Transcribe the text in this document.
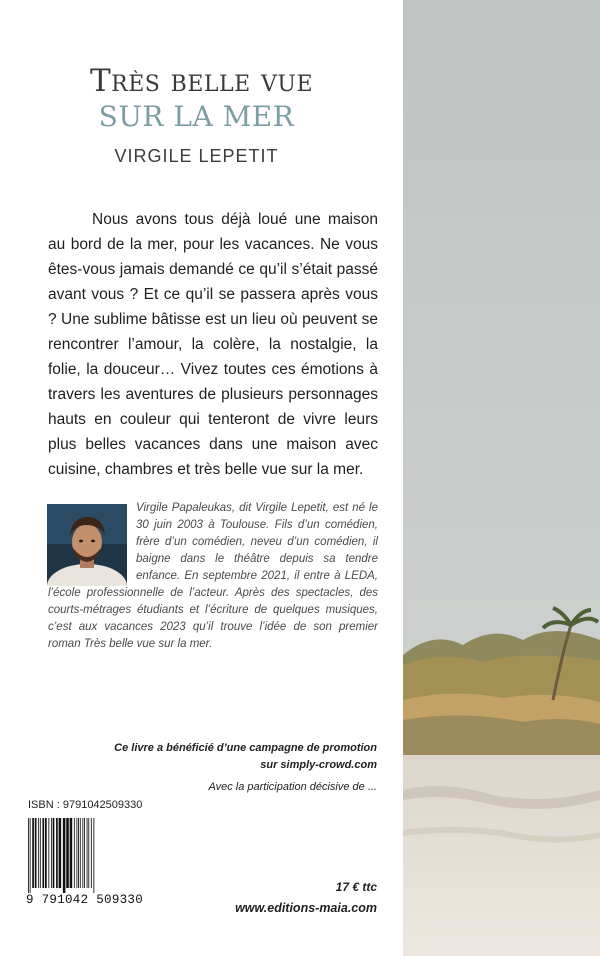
Très belle vue
SUR LA MER
VIRGILE LEPETIT

Nous avons tous déjà loué une maison au bord de la mer, pour les vacances. Ne vous êtes-vous jamais demandé ce qu’il s’était passé avant vous ? Et ce qu’il se passera après vous ? Une sublime bâtisse est un lieu où peuvent se rencontrer l’amour, la colère, la nostalgie, la folie, la douceur… Vivez toutes ces émotions à travers les aventures de plusieurs personnages hauts en couleur qui tenteront de vivre leurs plus belles vacances dans une maison avec cuisine, chambres et très belle vue sur la mer.

Virgile Papaleukas, dit Virgile Lepetit, est né le 30 juin 2003 à Toulouse. Fils d’un comédien, frère d’un comédien, neveu d’un comédien, il baigne dans le théâtre depuis sa tendre enfance. En septembre 2021, il entre à LEDA, l’école professionnelle de l’acteur. Après des spectacles, des courts-métrages étudiants et l’écriture de quelques musiques, c’est aux vacances 2023 qu’il trouve l’idée de son premier roman Très belle vue sur la mer.

Ce livre a bénéficié d’une campagne de promotion
sur simply-crowd.com
Avec la participation décisive de ...
ISBN : 9791042509330
9 791042 509330
17 € ttc
www.editions-maia.com
